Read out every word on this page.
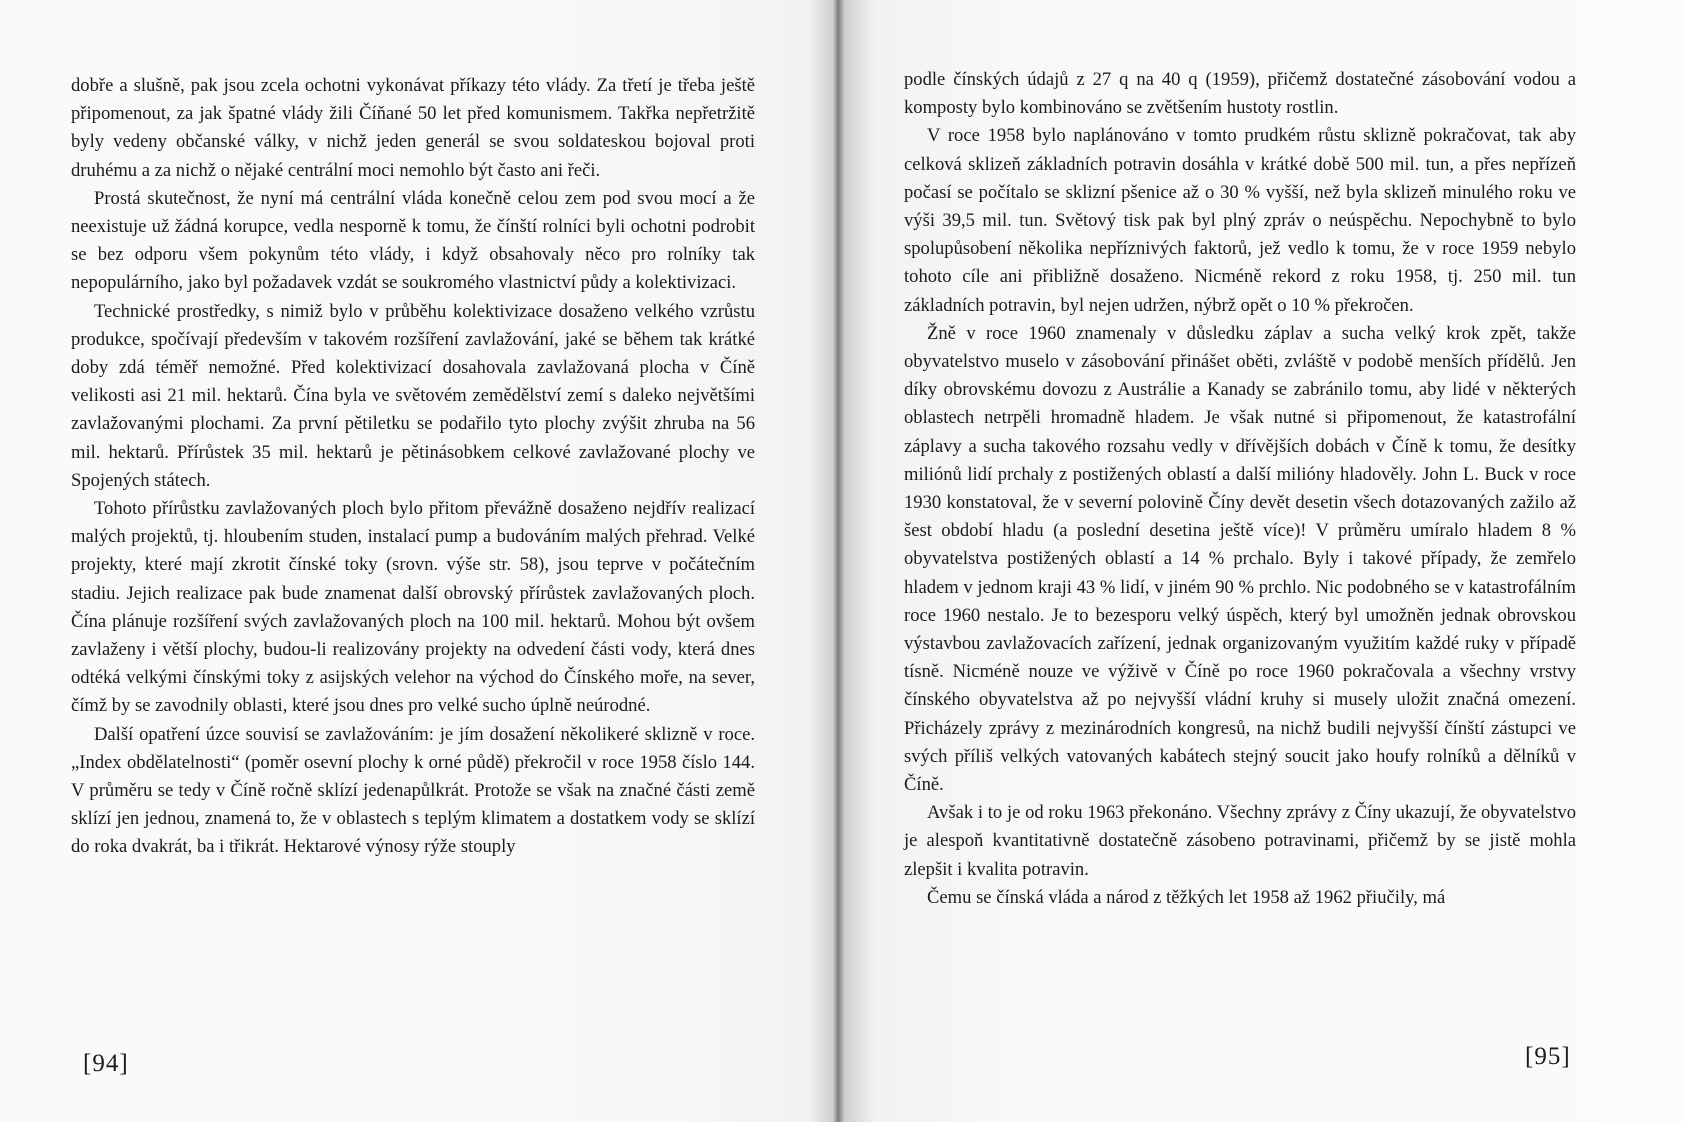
dobře a slušně, pak jsou zcela ochotni vykonávat příkazy této vlády. Za třetí je třeba ještě připomenout, za jak špatné vlády žili Číňané 50 let před komunismem. Takřka nepřetržitě byly vedeny občanské války, v nichž jeden generál se svou soldateskou bojoval proti druhému a za nichž o nějaké centrální moci nemohlo být často ani řeči.

Prostá skutečnost, že nyní má centrální vláda konečně celou zem pod svou mocí a že neexistuje už žádná korupce, vedla nesporně k tomu, že čínští rolníci byli ochotni podrobit se bez odporu všem pokynům této vlády, i když obsahovaly něco pro rolníky tak nepopulárního, jako byl požadavek vzdát se soukromého vlastnictví půdy a kolektivizaci.

Technické prostředky, s nimiž bylo v průběhu kolektivizace dosaženo velkého vzrůstu produkce, spočívají především v takovém rozšíření zavlažování, jaké se během tak krátké doby zdá téměř nemožné. Před kolektivizací dosahovala zavlažovaná plocha v Číně velikosti asi 21 mil. hektarů. Čína byla ve světovém zemědělství zemí s daleko největšími zavlažovanými plochami. Za první pětiletku se podařilo tyto plochy zvýšit zhruba na 56 mil. hektarů. Přírůstek 35 mil. hektarů je pětinásobkem celkové zavlažované plochy ve Spojených státech.

Tohoto přírůstku zavlažovaných ploch bylo přitom převážně dosaženo nejdřív realizací malých projektů, tj. hloubením studen, instalací pump a budováním malých přehrad. Velké projekty, které mají zkrotit čínské toky (srovn. výše str. 58), jsou teprve v počátečním stadiu. Jejich realizace pak bude znamenat další obrovský přírůstek zavlažovaných ploch. Čína plánuje rozšíření svých zavlažovaných ploch na 100 mil. hektarů. Mohou být ovšem zavlaženy i větší plochy, budou-li realizovány projekty na odvedení části vody, která dnes odtéká velkými čínskými toky z asijských velehor na východ do Čínského moře, na sever, čímž by se zavodnily oblasti, které jsou dnes pro velké sucho úplně neúrodné.

Další opatření úzce souvisí se zavlažováním: je jím dosažení několikeré sklizně v roce. „Index obdělatelnosti“ (poměr osevní plochy k orné půdě) překročil v roce 1958 číslo 144. V průměru se tedy v Číně ročně sklízí jedenapůlkrát. Protože se však na značné části země sklízí jen jednou, znamená to, že v oblastech s teplým klimatem a dostatkem vody se sklízí do roka dvakrát, ba i třikrát. Hektarové výnosy rýže stouply

[94]

podle čínských údajů z 27 q na 40 q (1959), přičemž dostatečné zásobování vodou a komposty bylo kombinováno se zvětšením hustoty rostlin.

V roce 1958 bylo naplánováno v tomto prudkém růstu sklizně pokračovat, tak aby celková sklizeň základních potravin dosáhla v krátké době 500 mil. tun, a přes nepřízeň počasí se počítalo se sklizní pšenice až o 30 % vyšší, než byla sklizeň minulého roku ve výši 39,5 mil. tun. Světový tisk pak byl plný zpráv o neúspěchu. Nepochybně to bylo spolupůsobení několika nepříznivých faktorů, jež vedlo k tomu, že v roce 1959 nebylo tohoto cíle ani přibližně dosaženo. Nicméně rekord z roku 1958, tj. 250 mil. tun základních potravin, byl nejen udržen, nýbrž opět o 10 % překročen.

Žně v roce 1960 znamenaly v důsledku záplav a sucha velký krok zpět, takže obyvatelstvo muselo v zásobování přinášet oběti, zvláště v podobě menších přídělů. Jen díky obrovskému dovozu z Austrálie a Kanady se zabránilo tomu, aby lidé v některých oblastech netrpěli hromadně hladem. Je však nutné si připomenout, že katastrofální záplavy a sucha takového rozsahu vedly v dřívějších dobách v Číně k tomu, že desítky miliónů lidí prchaly z postižených oblastí a další milióny hladověly. John L. Buck v roce 1930 konstatoval, že v severní polovině Číny devět desetin všech dotazovaných zažilo až šest období hladu (a poslední desetina ještě více)! V průměru umíralo hladem 8 % obyvatelstva postižených oblastí a 14 % prchalo. Byly i takové případy, že zemřelo hladem v jednom kraji 43 % lidí, v jiném 90 % prchlo. Nic podobného se v katastrofálním roce 1960 nestalo. Je to bezesporu velký úspěch, který byl umožněn jednak obrovskou výstavbou zavlažovacích zařízení, jednak organizovaným využitím každé ruky v případě tísně. Nicméně nouze ve výživě v Číně po roce 1960 pokračovala a všechny vrstvy čínského obyvatelstva až po nejvyšší vládní kruhy si musely uložit značná omezení. Přicházely zprávy z mezinárodních kongresů, na nichž budili nejvyšší čínští zástupci ve svých příliš velkých vatovaných kabátech stejný soucit jako houfy rolníků a dělníků v Číně.

Avšak i to je od roku 1963 překonáno. Všechny zprávy z Číny ukazují, že obyvatelstvo je alespoň kvantitativně dostatečně zásobeno potravinami, přičemž by se jistě mohla zlepšit i kvalita potravin.

Čemu se čínská vláda a národ z těžkých let 1958 až 1962 přiučily, má

[95]
